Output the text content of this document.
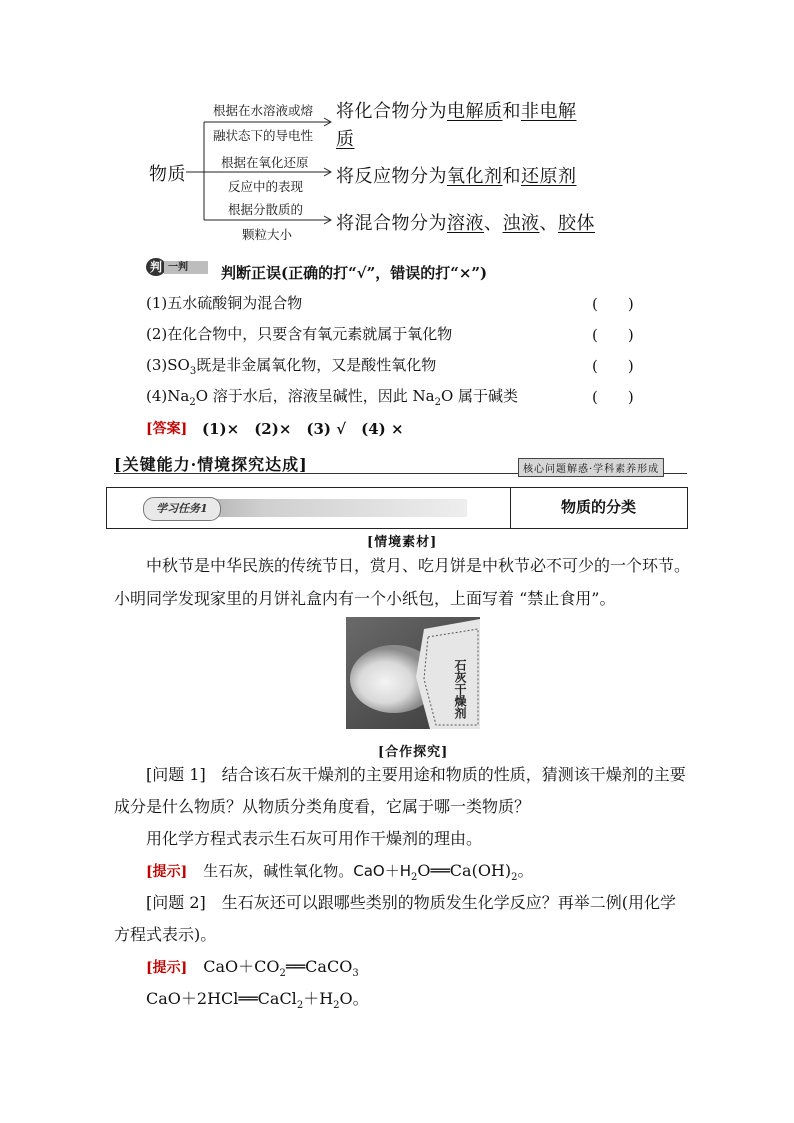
物质
根据在水溶液或熔
融状态下的导电性
将化合物分为电解质和非电解
质
根据在氧化还原
反应中的表现 将反应物分为氧化剂和还原剂
根据分散质的
颗粒大小
将混合物分为溶液、浊液、胶体
判 一判	判断正误(正确的打“√”，错误的打“×”)
(1)五水硫酸铜为混合物	(　　)
(2)在化合物中，只要含有氧元素就属于氧化物	(　　)
$(3)SO_3$既是非金属氧化物，又是酸性氧化物	(　　)
$(4)Na_2O$ 溶于水后，溶液呈碱性，因此 $Na_2O$ 属于碱类	(　　)
[答案] (1)×　(2)×　(3) √　(4) ×
[关键能力·情境探究达成]	核心问题解惑·学科素养形成
学习任务1	物质的分类
[情境素材]
中秋节是中华民族的传统节日，赏月、吃月饼是中秋节必不可少的一个环节。
小明同学发现家里的月饼礼盒内有一个小纸包，上面写着 “禁止食用”。
石灰干燥剂
[合作探究]
[问题 1]　 结合该石灰干燥剂的主要用途和物质的性质，猜测该干燥剂的主要
成分是什么物质？从物质分类角度看，它属于哪一类物质？
用化学方程式表示生石灰可用作干燥剂的理由。
[提示]　 生石灰，碱性氧化物。$CaO+H_2O══Ca(OH)_2$。
[问题 2]　 生石灰还可以跟哪些类别的物质发生化学反应？再举二例(用化学
方程式表示)。
[提示]　 $CaO+CO_2══CaCO_3$
$CaO+2HCl══CaCl_2+H_2O$。
